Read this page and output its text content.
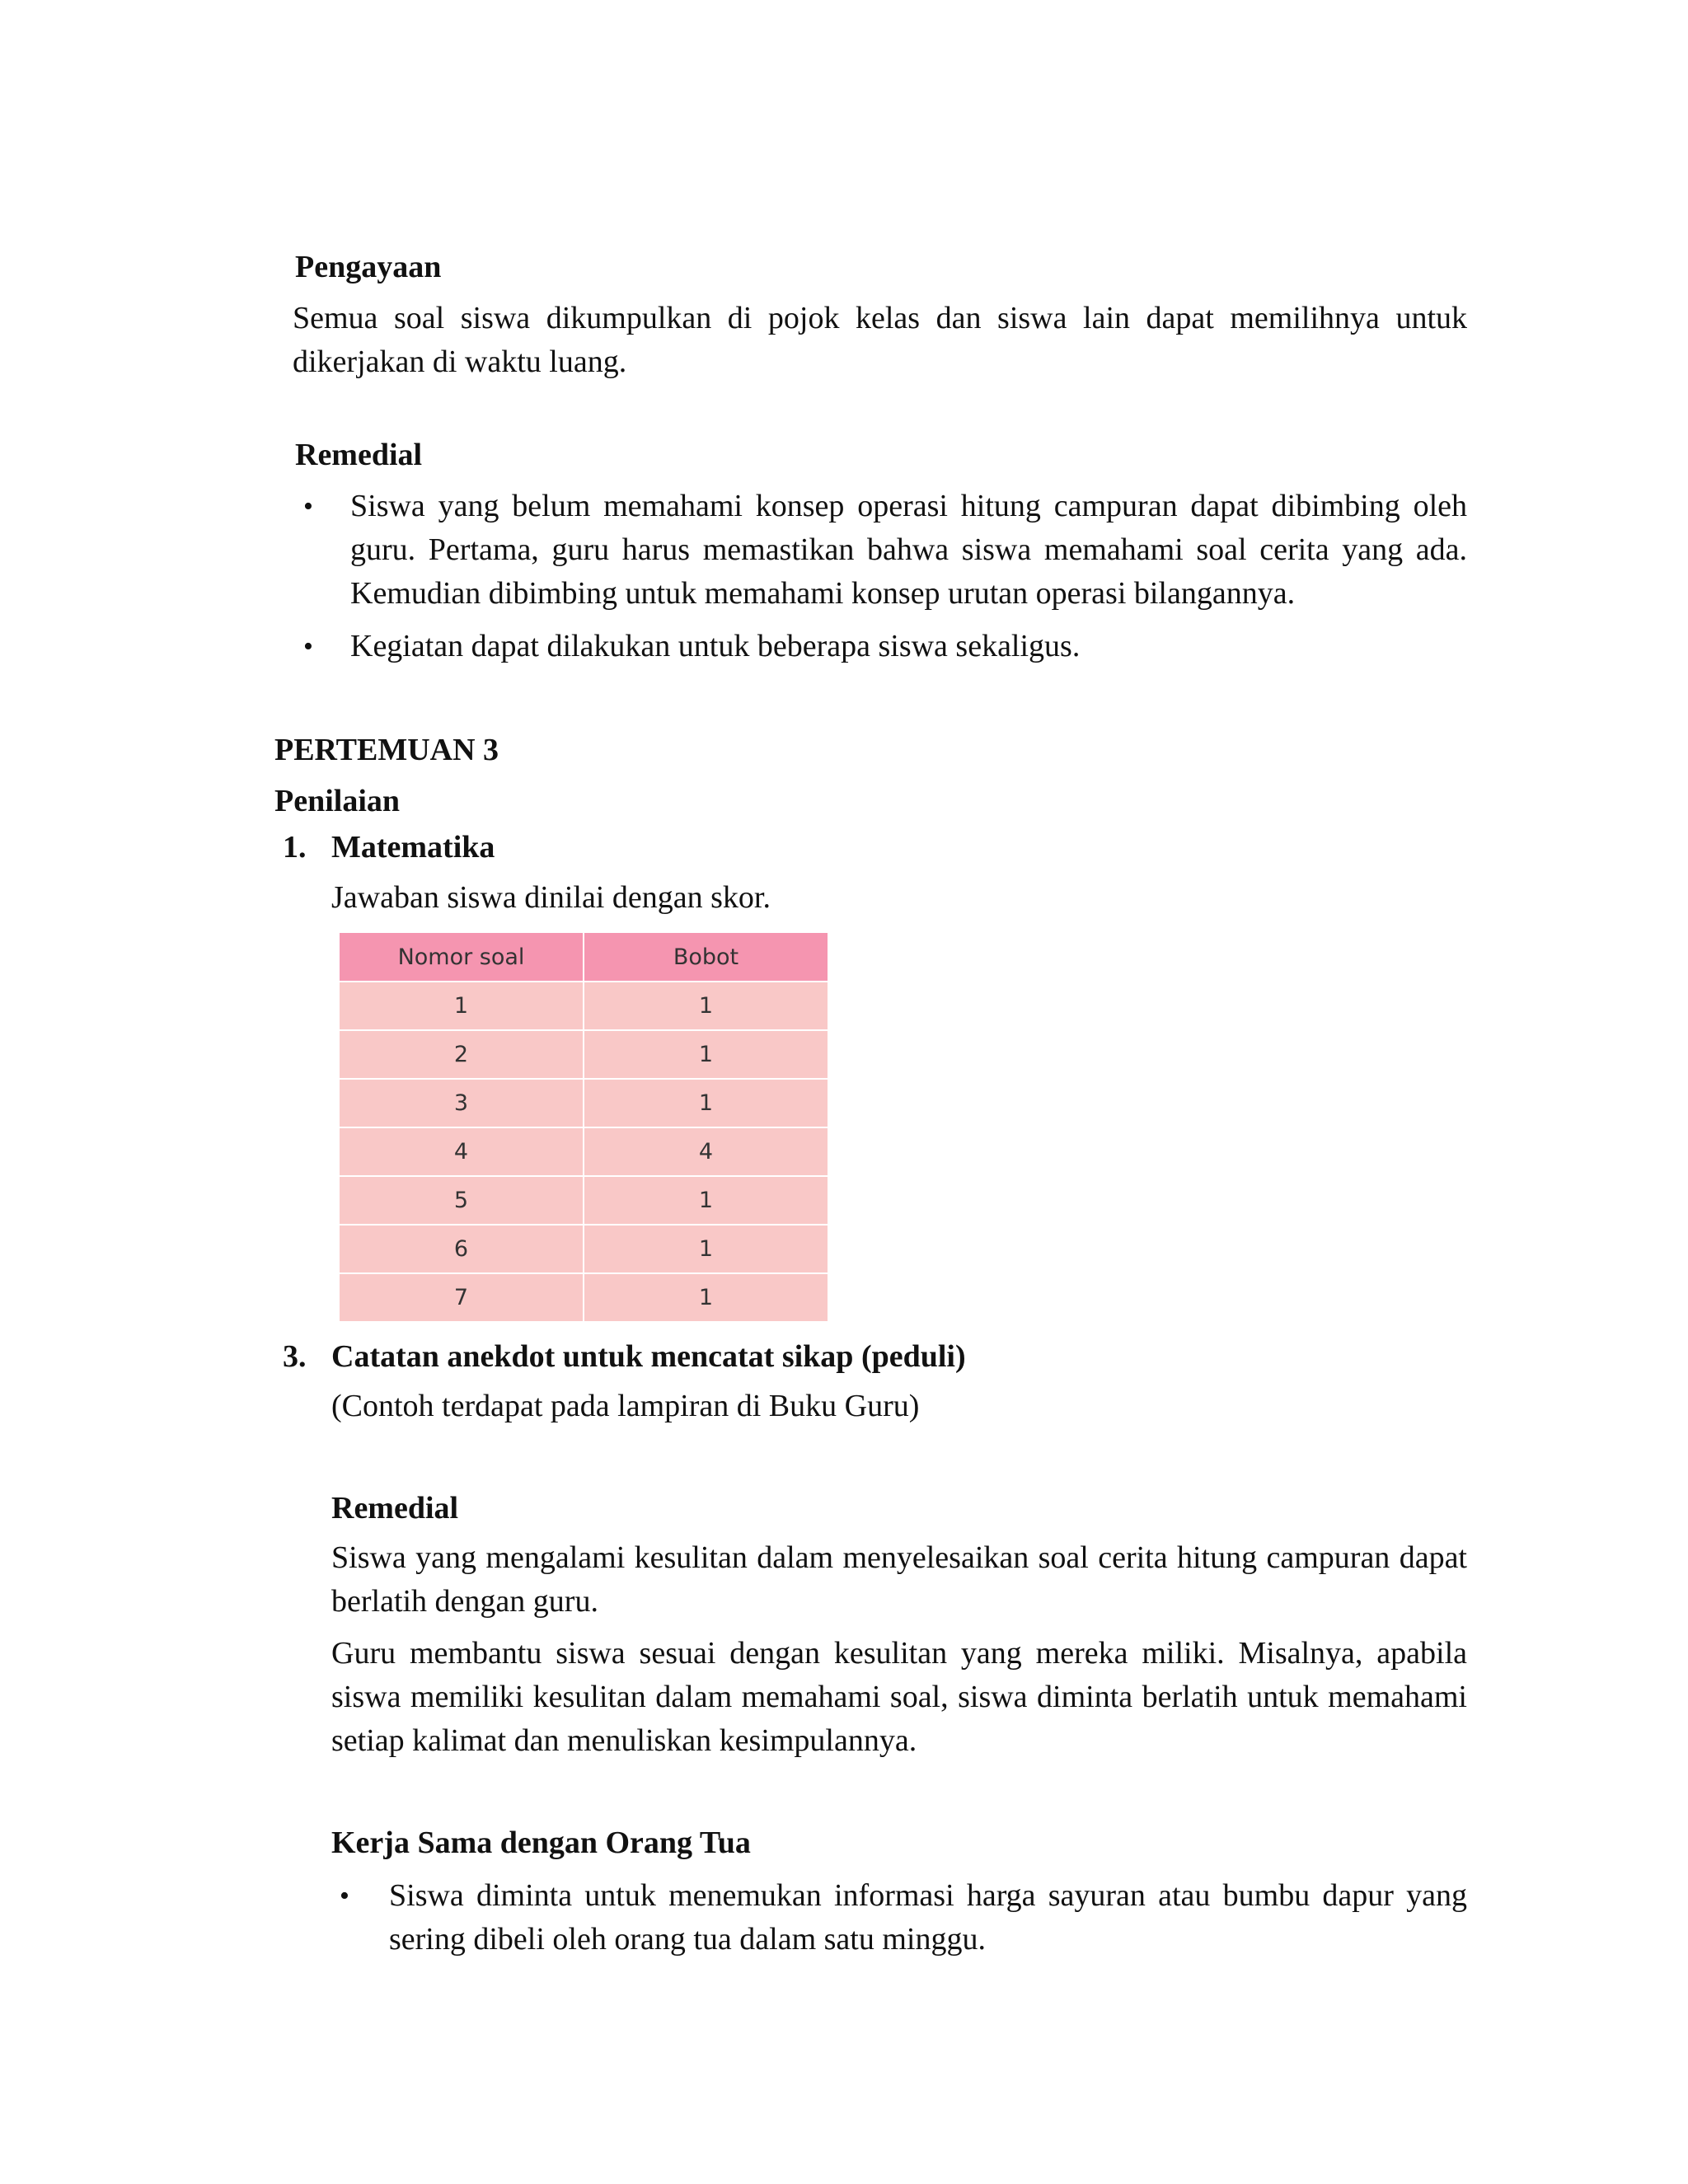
Pengayaan

Semua soal siswa dikumpulkan di pojok kelas dan siswa lain dapat memilihnya untuk dikerjakan di waktu luang.

Remedial
• Siswa yang belum memahami konsep operasi hitung campuran dapat dibimbing oleh guru. Pertama, guru harus memastikan bahwa siswa memahami soal cerita yang ada. Kemudian dibimbing untuk memahami konsep urutan operasi bilangannya.

• Kegiatan dapat dilakukan untuk beberapa siswa sekaligus.

PERTEMUAN 3
Penilaian
1. Matematika

Jawaban siswa dinilai dengan skor.

Nomor soal	Bobot
1	1
2	1
3	1
4	4
5	1
6	1
7	1
3. Catatan anekdot untuk mencatat sikap (peduli)

(Contoh terdapat pada lampiran di Buku Guru)

Remedial

Siswa yang mengalami kesulitan dalam menyelesaikan soal cerita hitung campuran dapat berlatih dengan guru.

Guru membantu siswa sesuai dengan kesulitan yang mereka miliki. Misalnya, apabila siswa memiliki kesulitan dalam memahami soal, siswa diminta berlatih untuk memahami setiap kalimat dan menuliskan kesimpulannya.

Kerja Sama dengan Orang Tua
• Siswa diminta untuk menemukan informasi harga sayuran atau bumbu dapur yang sering dibeli oleh orang tua dalam satu minggu.
